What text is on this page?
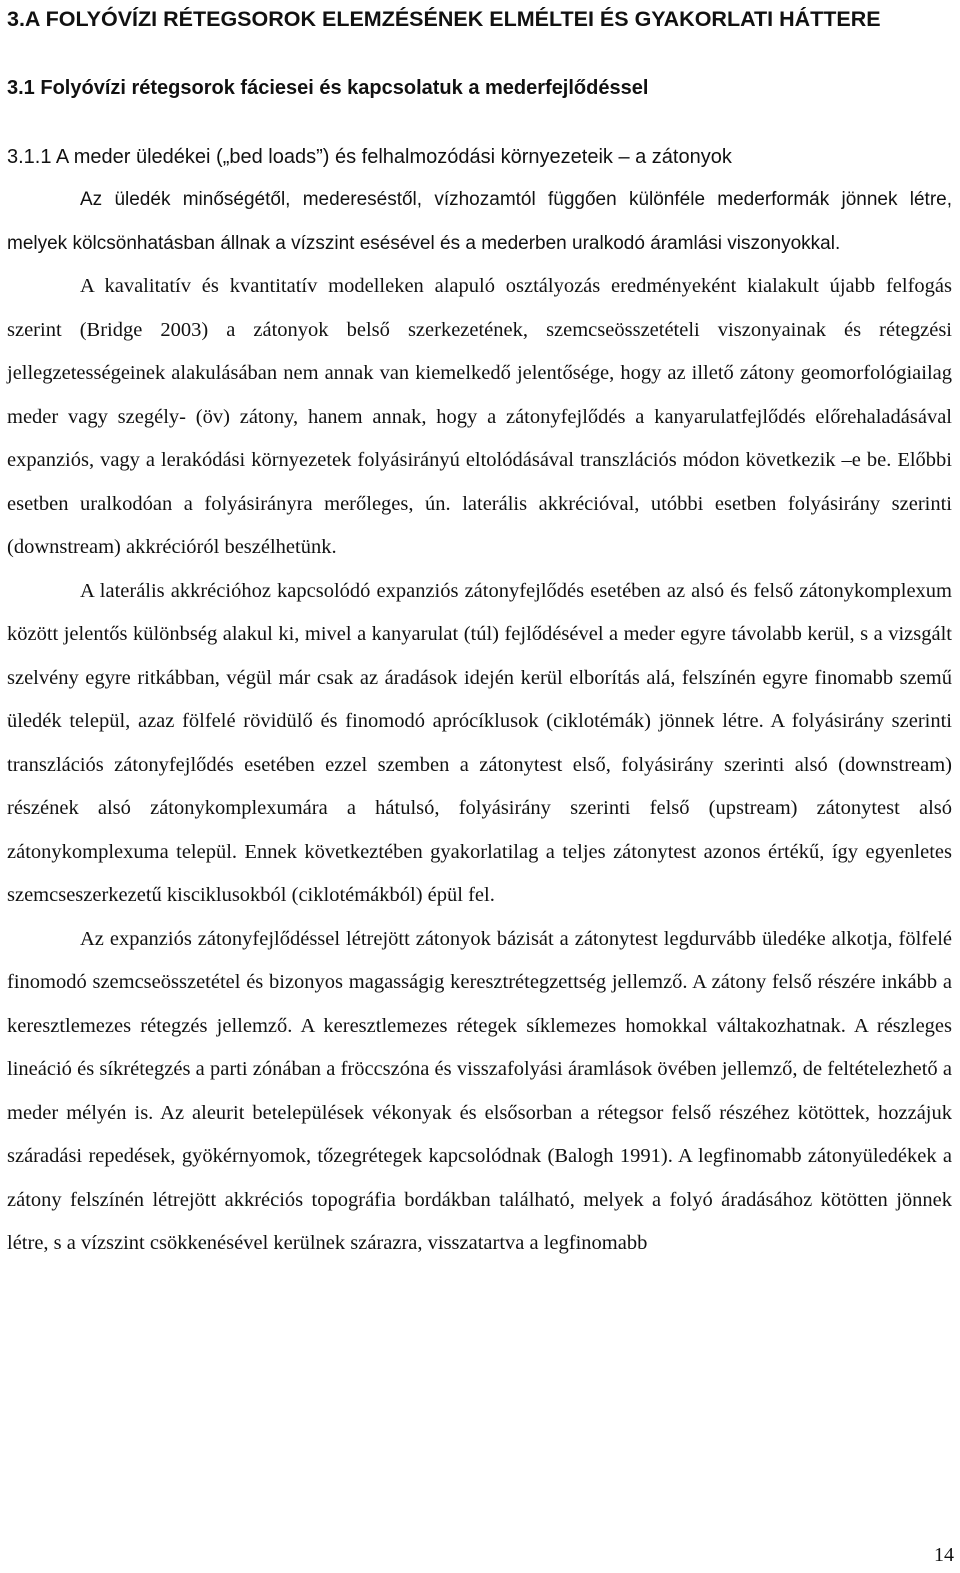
3.A FOLYÓVÍZI RÉTEGSOROK ELEMZÉSÉNEK ELMÉLTEI ÉS GYAKORLATI HÁTTERE
3.1 Folyóvízi rétegsorok fáciesei és kapcsolatuk a mederfejlődéssel
3.1.1 A meder üledékei („bed loads”) és felhalmozódási környezeteik – a zátonyok

Az üledék minőségétől, medereséstől, vízhozamtól függően különféle mederformák jönnek létre, melyek kölcsönhatásban állnak a vízszint esésével és a mederben uralkodó áramlási viszonyokkal.

A kavalitatív és kvantitatív modelleken alapuló osztályozás eredményeként kialakult újabb felfogás szerint (Bridge 2003) a zátonyok belső szerkezetének, szemcseösszetételi viszonyainak és rétegzési jellegzetességeinek alakulásában nem annak van kiemelkedő jelentősége, hogy az illető zátony geomorfológiailag meder vagy szegély- (öv) zátony, hanem annak, hogy a zátonyfejlődés a kanyarulatfejlődés előrehaladásával expanziós, vagy a lerakódási környezetek folyásirányú eltolódásával transzlációs módon következik –e be. Előbbi esetben uralkodóan a folyásirányra merőleges, ún. laterális akkrécióval, utóbbi esetben folyásirány szerinti (downstream) akkrécióról beszélhetünk.

A laterális akkrécióhoz kapcsolódó expanziós zátonyfejlődés esetében az alsó és felső zátonykomplexum között jelentős különbség alakul ki, mivel a kanyarulat (túl) fejlődésével a meder egyre távolabb kerül, s a vizsgált szelvény egyre ritkábban, végül már csak az áradások idején kerül elborítás alá, felszínén egyre finomabb szemű üledék települ, azaz fölfelé rövidülő és finomodó aprócíklusok (ciklotémák) jönnek létre. A folyásirány szerinti transzlációs zátonyfejlődés esetében ezzel szemben a zátonytest első, folyásirány szerinti alsó (downstream) részének alsó zátonykomplexumára a hátulsó, folyásirány szerinti felső (upstream) zátonytest alsó zátonykomplexuma települ. Ennek következtében gyakorlatilag a teljes zátonytest azonos értékű, így egyenletes szemcseszerkezetű kisciklusokból (ciklotémákból) épül fel.

Az expanziós zátonyfejlődéssel létrejött zátonyok bázisát a zátonytest legdurvább üledéke alkotja, fölfelé finomodó szemcseösszetétel és bizonyos magasságig keresztrétegzettség jellemző. A zátony felső részére inkább a keresztlemezes rétegzés jellemző. A keresztlemezes rétegek síklemezes homokkal váltakozhatnak. A részleges lineáció és síkrétegzés a parti zónában a fröccszóna és visszafolyási áramlások övében jellemző, de feltételezhető a meder mélyén is. Az aleurit betelepülések vékonyak és elsősorban a rétegsor felső részéhez kötöttek, hozzájuk száradási repedések, gyökérnyomok, tőzegrétegek kapcsolódnak (Balogh 1991). A legfinomabb zátonyüledékek a zátony felszínén létrejött akkréciós topográfia bordákban található, melyek a folyó áradásához kötötten jönnek létre, s a vízszint csökkenésével kerülnek szárazra, visszatartva a legfinomabb

14
